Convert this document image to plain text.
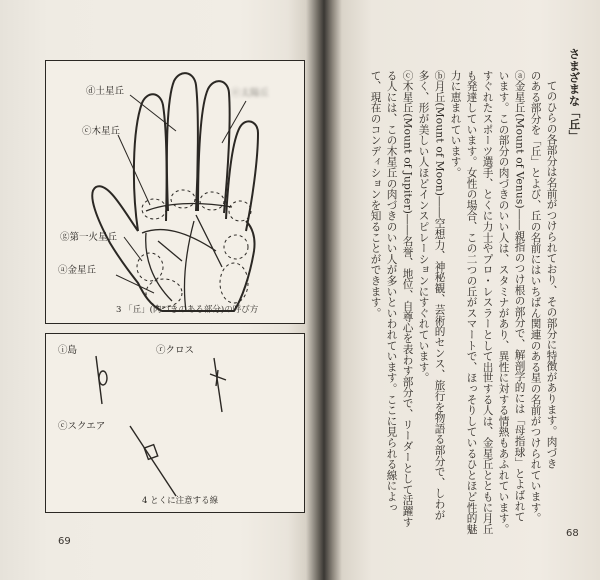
ⓓ土星丘
ⓒ木星丘
ⓖ第一火星丘
ⓐ金星丘
ⓔ太陽丘
3 「丘」(肉づきのある部分)の呼び方
ⓘ島	ⓡクロス
ⓒスクエア
4 とくに注意する線
69
さまざまな「丘」
てのひらの各部分は名前がつけられており、その部分に特徴があります。肉づき
のある部分を「丘」とよび、丘の名前にはいちばん関連のある星の名前がつけられています。
ⓐ金星丘(Mount of Venus)――親指のつけ根の部分で、解剖学的には「母指球」とよばれて
います。この部分の肉づきのいい人は、スタミナがあり、異性に対する情熱もあふれています。
すぐれたスポーツ選手、とくに力士やプロ・レスラーとして出世する人は、金星丘とともに月丘
も発達しています。女性の場合、この二つの丘がスマートで、ほっそりしているひとほど性的魅
力に恵まれています。
ⓑ月丘(Mount of Moon)――空想力、神秘観、芸術的センス、旅行を物語る部分で、しわが
多く、形が美しい人ほどインスピレーションにすぐれています。
ⓒ木星丘(Mount of Jupiter)――名誉、地位、自尊心を表わす部分で、リーダーとして活躍す
る人には、この木星丘の肉づきのいい人が多いといわれています。ここに見られる線によっ
て、現在のコンディションを知ることができます。
68
